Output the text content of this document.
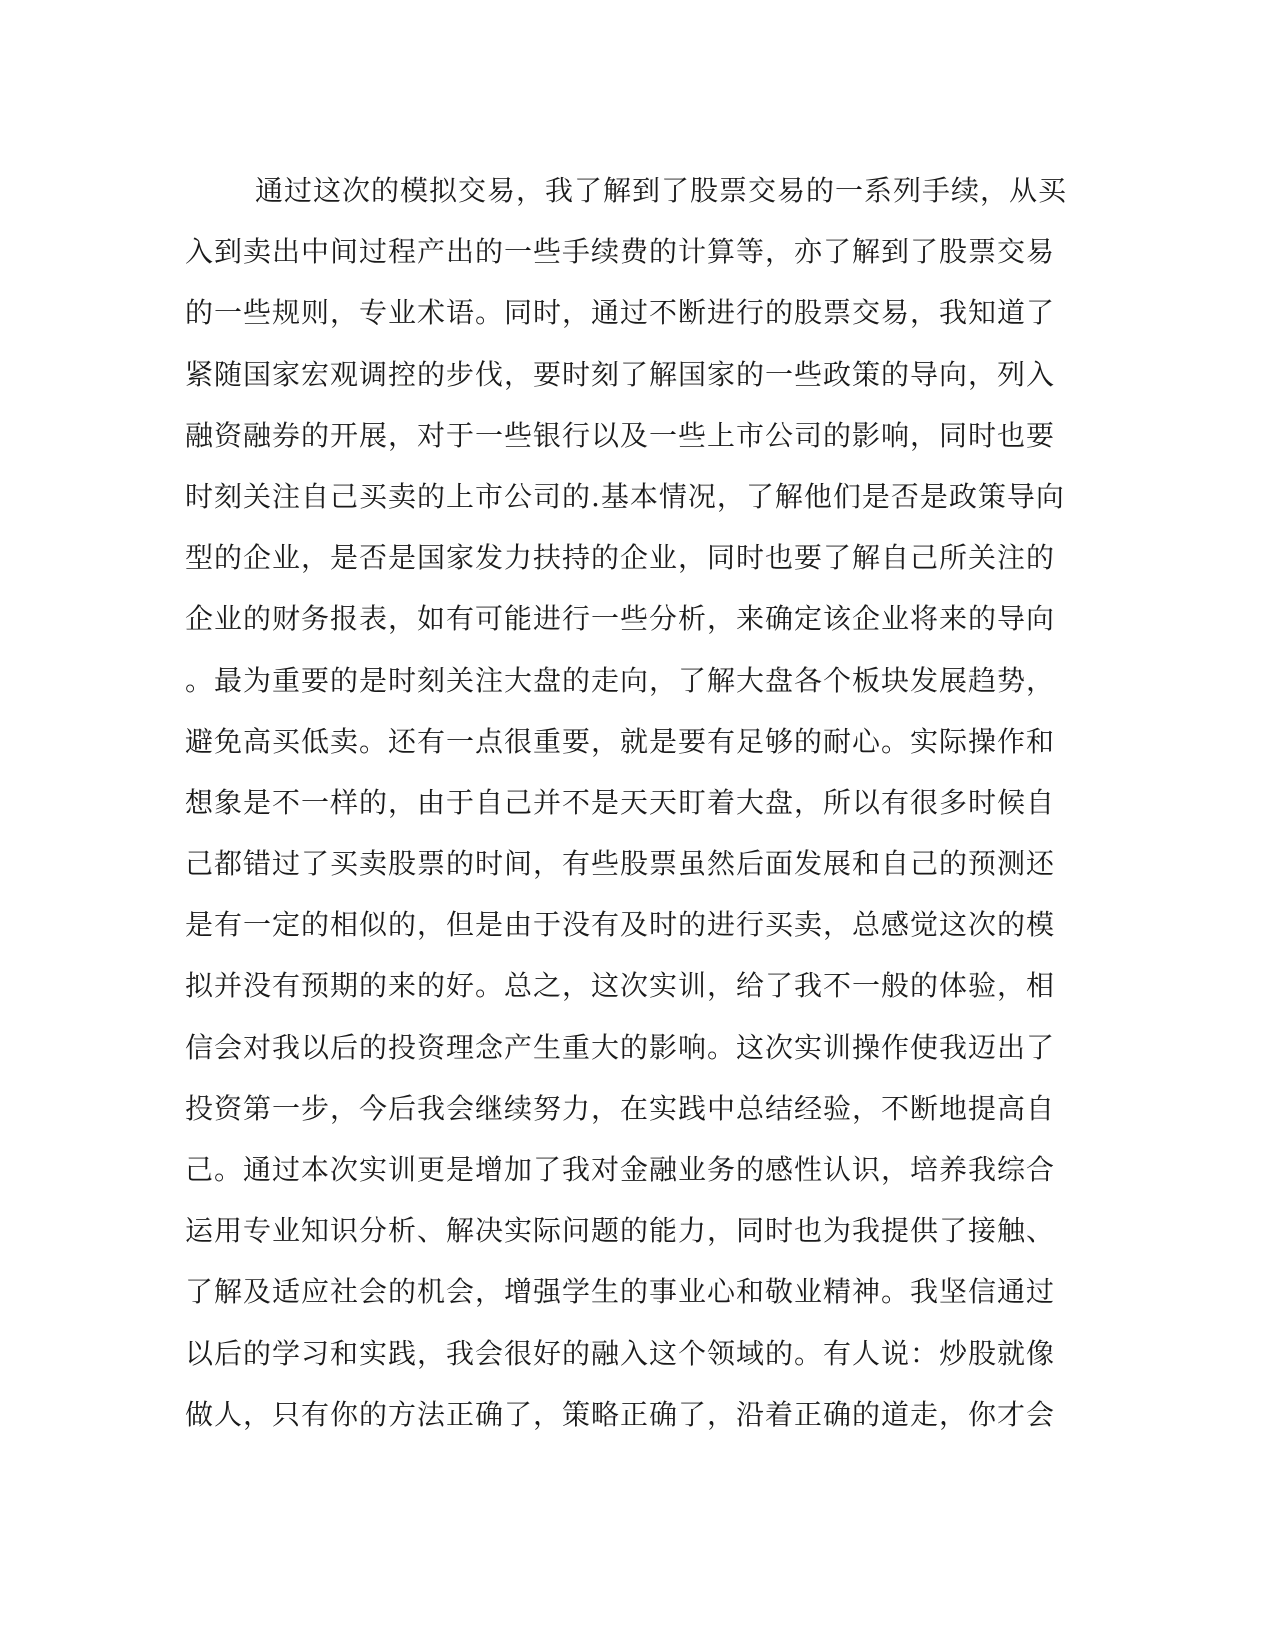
通过这次的模拟交易，我了解到了股票交易的一系列手续，从买
入到卖出中间过程产出的一些手续费的计算等，亦了解到了股票交易
的一些规则，专业术语。同时，通过不断进行的股票交易，我知道了
紧随国家宏观调控的步伐，要时刻了解国家的一些政策的导向，列入
融资融券的开展，对于一些银行以及一些上市公司的影响，同时也要
时刻关注自己买卖的上市公司的.基本情况，了解他们是否是政策导向
型的企业，是否是国家发力扶持的企业，同时也要了解自己所关注的
企业的财务报表，如有可能进行一些分析，来确定该企业将来的导向
。最为重要的是时刻关注大盘的走向，了解大盘各个板块发展趋势，
避免高买低卖。还有一点很重要，就是要有足够的耐心。实际操作和
想象是不一样的，由于自己并不是天天盯着大盘，所以有很多时候自
己都错过了买卖股票的时间，有些股票虽然后面发展和自己的预测还
是有一定的相似的，但是由于没有及时的进行买卖，总感觉这次的模
拟并没有预期的来的好。总之，这次实训，给了我不一般的体验，相
信会对我以后的投资理念产生重大的影响。这次实训操作使我迈出了
投资第一步，今后我会继续努力，在实践中总结经验，不断地提高自
己。通过本次实训更是增加了我对金融业务的感性认识，培养我综合
运用专业知识分析、解决实际问题的能力，同时也为我提供了接触、
了解及适应社会的机会，增强学生的事业心和敬业精神。我坚信通过
以后的学习和实践，我会很好的融入这个领域的。有人说：炒股就像
做人，只有你的方法正确了，策略正确了，沿着正确的道走，你才会
